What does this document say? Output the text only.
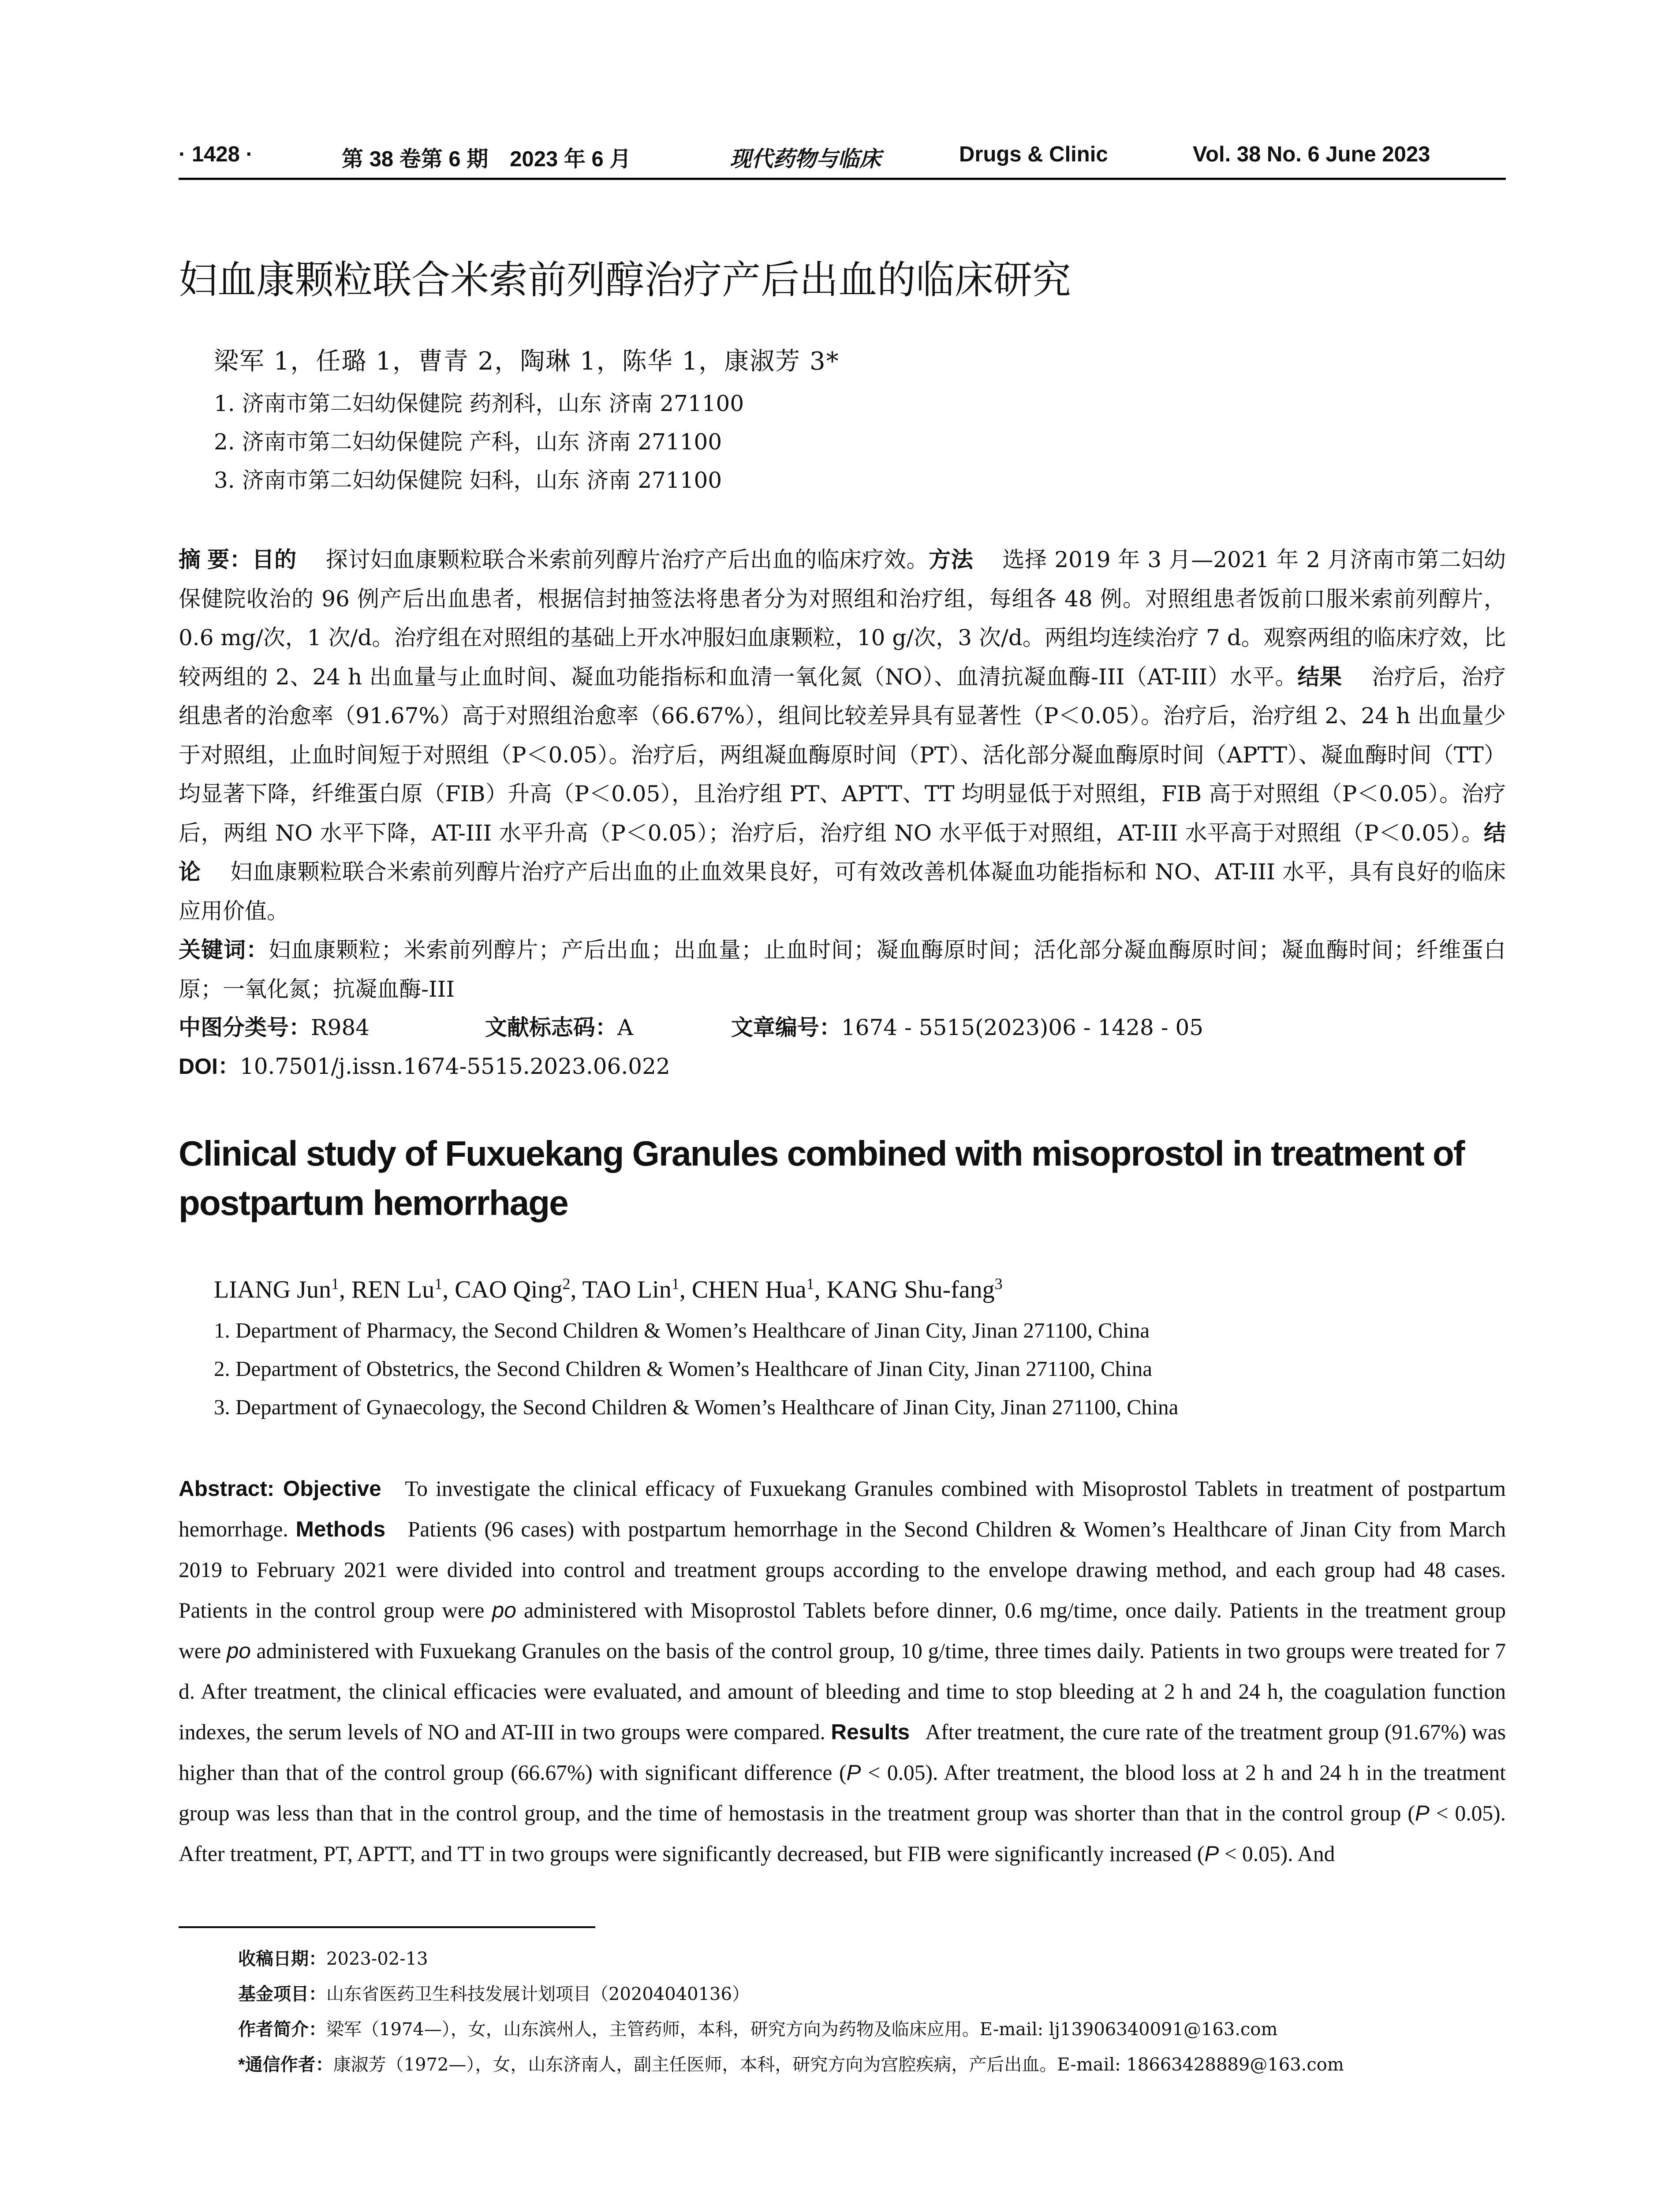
· 1428 ·	第 38 卷第 6 期　2023 年 6 月	现代药物与临床	Drugs & Clinic	Vol. 38 No. 6 June 2023
妇血康颗粒联合米索前列醇治疗产后出血的临床研究
梁军 1，任璐 1，曹青 2，陶琳 1，陈华 1，康淑芳 3*
1. 济南市第二妇幼保健院 药剂科，山东 济南 271100
2. 济南市第二妇幼保健院 产科，山东 济南 271100
3. 济南市第二妇幼保健院 妇科，山东 济南 271100
摘 要：目的 探讨妇血康颗粒联合米索前列醇片治疗产后出血的临床疗效。方法 选择 2019 年 3 月—2021 年 2 月济南市第二妇幼保健院收治的 96 例产后出血患者，根据信封抽签法将患者分为对照组和治疗组，每组各 48 例。对照组患者饭前口服米索前列醇片，0.6 mg/次，1 次/d。治疗组在对照组的基础上开水冲服妇血康颗粒，10 g/次，3 次/d。两组均连续治疗 7 d。观察两组的临床疗效，比较两组的 2、24 h 出血量与止血时间、凝血功能指标和血清一氧化氮（NO）、血清抗凝血酶-III（AT-III）水平。结果 治疗后，治疗组患者的治愈率（91.67%）高于对照组治愈率（66.67%），组间比较差异具有显著性（P＜0.05）。治疗后，治疗组 2、24 h 出血量少于对照组，止血时间短于对照组（P＜0.05）。治疗后，两组凝血酶原时间（PT）、活化部分凝血酶原时间（APTT）、凝血酶时间（TT）均显著下降，纤维蛋白原（FIB）升高（P＜0.05），且治疗组 PT、APTT、TT 均明显低于对照组，FIB 高于对照组（P＜0.05）。治疗后，两组 NO 水平下降，AT-III 水平升高（P＜0.05）；治疗后，治疗组 NO 水平低于对照组，AT-III 水平高于对照组（P＜0.05）。结论 妇血康颗粒联合米索前列醇片治疗产后出血的止血效果良好，可有效改善机体凝血功能指标和 NO、AT-III 水平，具有良好的临床应用价值。
关键词：妇血康颗粒；米索前列醇片；产后出血；出血量；止血时间；凝血酶原时间；活化部分凝血酶原时间；凝血酶时间；纤维蛋白原；一氧化氮；抗凝血酶-III
中图分类号：R984	文献标志码：A	文章编号：1674 - 5515(2023)06 - 1428 - 05
DOI：10.7501/j.issn.1674-5515.2023.06.022
Clinical study of Fuxuekang Granules combined with misoprostol in treatment of postpartum hemorrhage
LIANG Jun$^1$, REN Lu$^1$, CAO Qing$^2$, TAO Lin$^1$, CHEN Hua$^1$, KANG Shu-fang$^3$
1. Department of Pharmacy, the Second Children & Women’s Healthcare of Jinan City, Jinan 271100, China
2. Department of Obstetrics, the Second Children & Women’s Healthcare of Jinan City, Jinan 271100, China
3. Department of Gynaecology, the Second Children & Women’s Healthcare of Jinan City, Jinan 271100, China
Abstract: Objective To investigate the clinical efficacy of Fuxuekang Granules combined with Misoprostol Tablets in treatment of postpartum hemorrhage. Methods Patients (96 cases) with postpartum hemorrhage in the Second Children & Women’s Healthcare of Jinan City from March 2019 to February 2021 were divided into control and treatment groups according to the envelope drawing method, and each group had 48 cases. Patients in the control group were po administered with Misoprostol Tablets before dinner, 0.6 mg/time, once daily. Patients in the treatment group were po administered with Fuxuekang Granules on the basis of the control group, 10 g/time, three times daily. Patients in two groups were treated for 7 d. After treatment, the clinical efficacies were evaluated, and amount of bleeding and time to stop bleeding at 2 h and 24 h, the coagulation function indexes, the serum levels of NO and AT-III in two groups were compared. Results After treatment, the cure rate of the treatment group (91.67%) was higher than that of the control group (66.67%) with significant difference (P < 0.05). After treatment, the blood loss at 2 h and 24 h in the treatment group was less than that in the control group, and the time of hemostasis in the treatment group was shorter than that in the control group (P < 0.05). After treatment, PT, APTT, and TT in two groups were significantly decreased, but FIB were significantly increased (P < 0.05). And
收稿日期：2023-02-13
基金项目：山东省医药卫生科技发展计划项目（20204040136）
作者简介：梁军（1974—），女，山东滨州人，主管药师，本科，研究方向为药物及临床应用。E-mail: lj13906340091@163.com
*通信作者：康淑芳（1972—），女，山东济南人，副主任医师，本科，研究方向为宫腔疾病，产后出血。E-mail: 18663428889@163.com
